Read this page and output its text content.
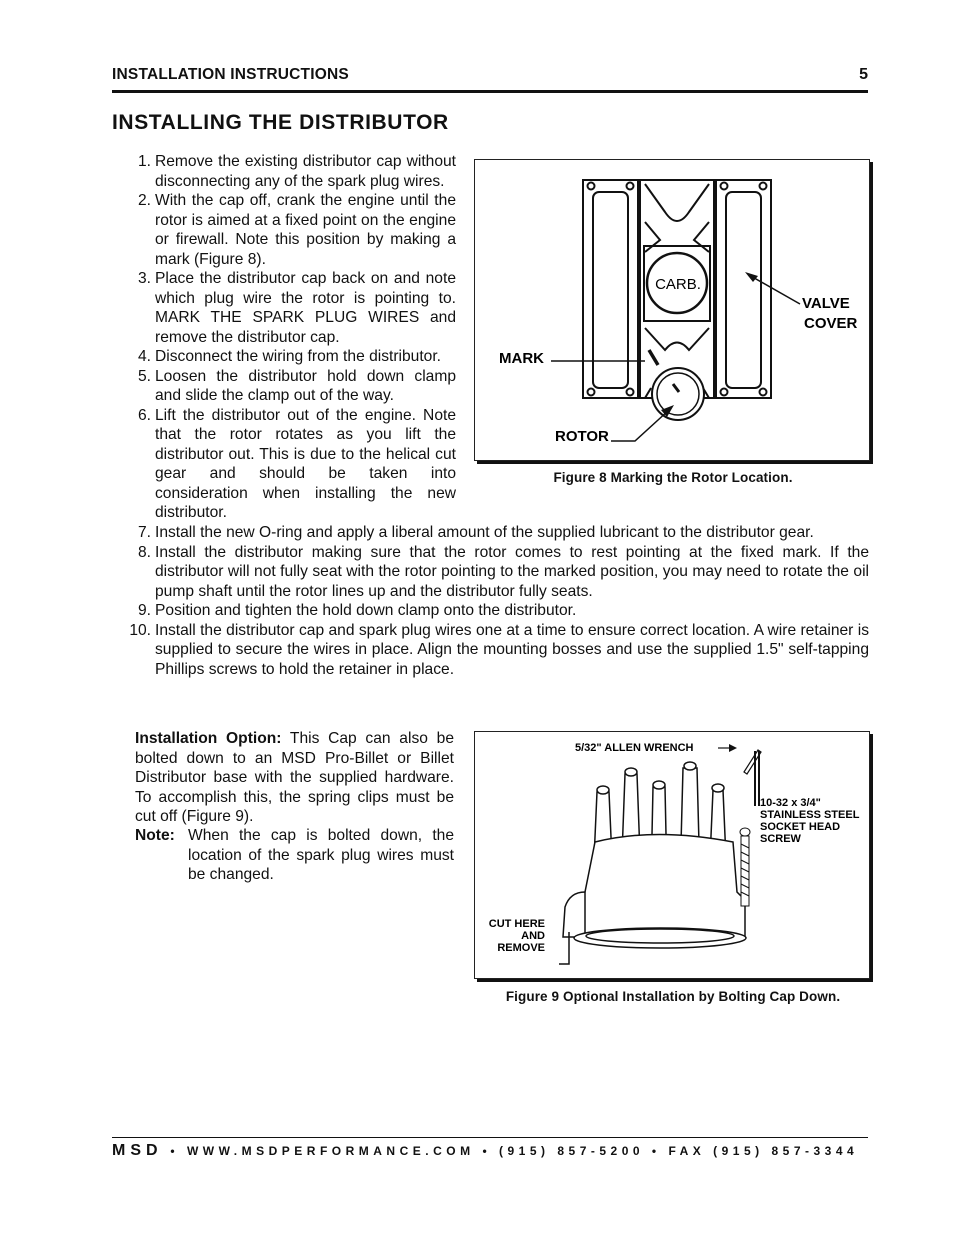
INSTALLATION INSTRUCTIONS	5
INSTALLING THE DISTRIBUTOR
1. Remove the existing distributor cap without disconnecting any of the spark plug wires.
2. With the cap off, crank the engine until the rotor is aimed at a fixed point on the engine or firewall. Note this position by making a mark (Figure 8).
3. Place the distributor cap back on and note which plug wire the rotor is pointing to. MARK THE SPARK PLUG WIRES and remove the distributor cap.
4. Disconnect the wiring from the distributor.
5. Loosen the distributor hold down clamp and slide the clamp out of the way.
6. Lift the distributor out of the engine. Note that the rotor rotates as you lift the distributor out. This is due to the helical cut gear and should be taken into consideration when installing the new distributor.
CARB.
VALVE
COVER
MARK
ROTOR
Figure 8 Marking the Rotor Location.
7. Install the new O-ring and apply a liberal amount of the supplied lubricant to the distributor gear.
8. Install the distributor making sure that the rotor comes to rest pointing at the fixed mark. If the distributor will not fully seat with the rotor pointing to the marked position, you may need to rotate the oil pump shaft until the rotor lines up and the distributor fully seats.
9. Position and tighten the hold down clamp onto the distributor.
10. Install the distributor cap and spark plug wires one at a time to ensure correct location. A wire retainer is supplied to secure the wires in place. Align the mounting bosses and use the supplied 1.5" self-tapping Phillips screws to hold the retainer in place.
Installation Option: This Cap can also be bolted down to an MSD Pro-Billet or Billet Distributor base with the supplied hardware. To accomplish this, the spring clips must be cut off (Figure 9).
Note: When the cap is bolted down, the location of the spark plug wires must be changed.
5/32" ALLEN WRENCH
10-32 x 3/4"
STAINLESS STEEL
SOCKET HEAD
SCREW
CUT HERE
AND
REMOVE
Figure 9 Optional Installation by Bolting Cap Down.
MSD • WWW.MSDPERFORMANCE.COM • (915) 857-5200 • FAX (915) 857-3344
